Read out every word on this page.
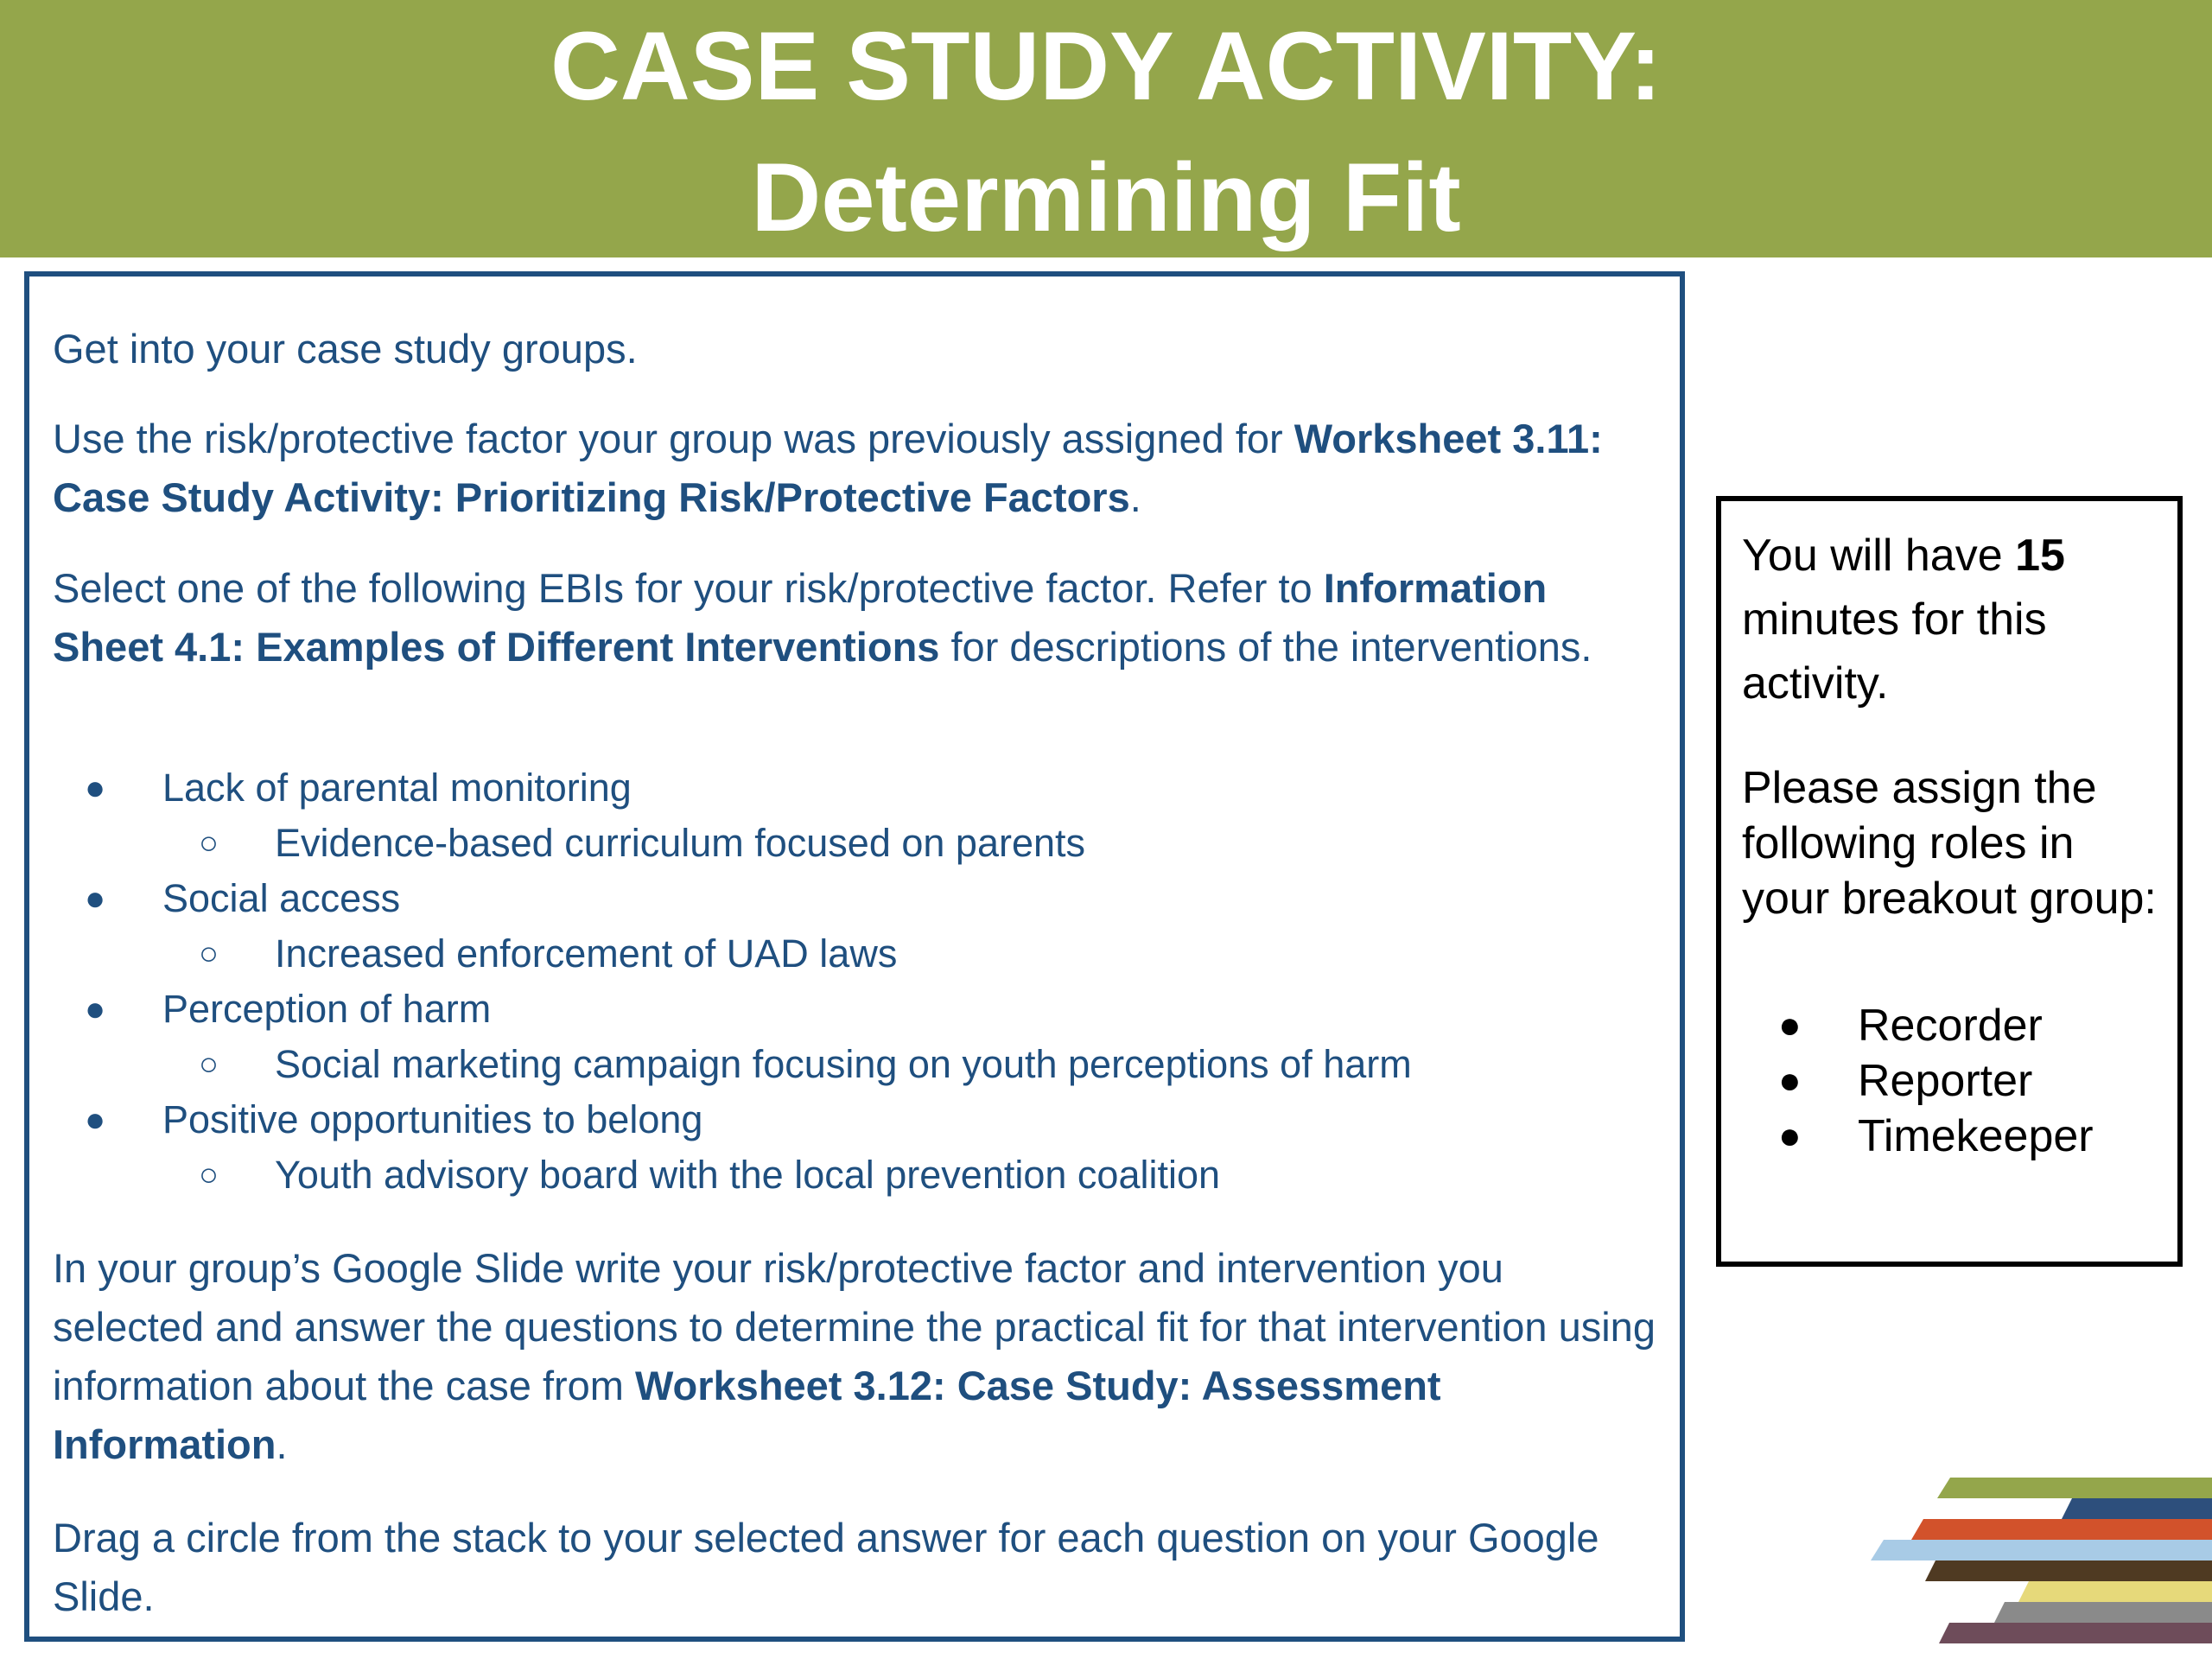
CASE STUDY ACTIVITY:
Determining Fit

Get into your case study groups.

Use the risk/protective factor your group was previously assigned for Worksheet 3.11: Case Study Activity: Prioritizing Risk/Protective Factors.

Select one of the following EBIs for your risk/protective factor. Refer to Information Sheet 4.1: Examples of Different Interventions for descriptions of the interventions.

● Lack of parental monitoring
○ Evidence-based curriculum focused on parents
● Social access
○ Increased enforcement of UAD laws
● Perception of harm
○ Social marketing campaign focusing on youth perceptions of harm
● Positive opportunities to belong
○ Youth advisory board with the local prevention coalition

In your group’s Google Slide write your risk/protective factor and intervention you selected and answer the questions to determine the practical fit for that intervention using information about the case from Worksheet 3.12: Case Study: Assessment Information.

Drag a circle from the stack to your selected answer for each question on your Google Slide.

You will have 15 minutes for this activity.
Please assign the following roles in your breakout group:
● Recorder
● Reporter
● Timekeeper
